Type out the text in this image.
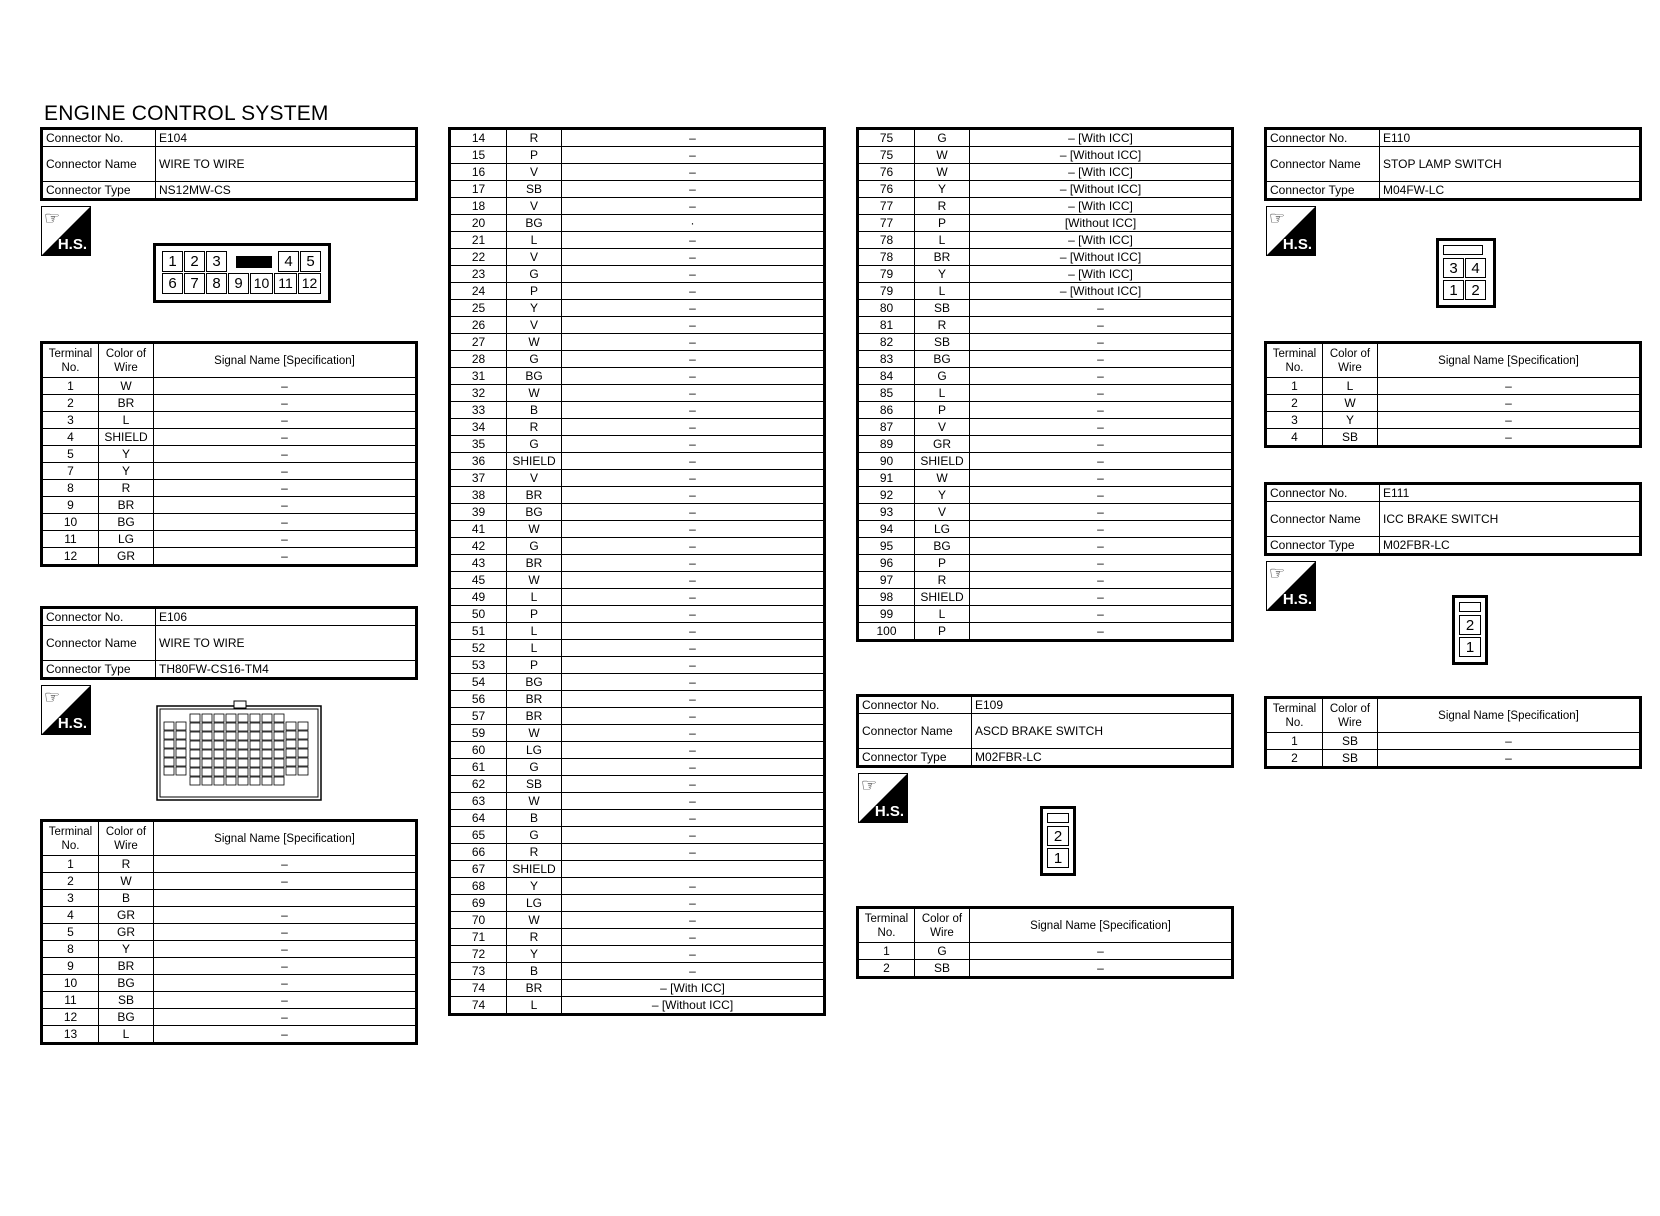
ENGINE CONTROL SYSTEM
Connector No.	E104
Connector Name	WIRE TO WIRE
Connector Type	NS12MW-CS
☞
H.S.
1 2 3	4 5
6 7 8 9 10 11 12
Terminal No.	Color of Wire	Signal Name [Specification]
1	W	–
2	BR	–
3	L	–
4	SHIELD	–
5	Y	–
7	Y	–
8	R	–
9	BR	–
10	BG	–
11	LG	–
12	GR	–
Connector No.	E106
Connector Name	WIRE TO WIRE
Connector Type	TH80FW-CS16-TM4
☞
H.S.
Terminal No.	Color of Wire	Signal Name [Specification]
1	R	–
2	W	–
3	B	
4	GR	–
5	GR	–
8	Y	–
9	BR	–
10	BG	–
11	SB	–
12	BG	–
13	L	–
14	R	–
15	P	–
16	V	–
17	SB	–
18	V	–
20	BG	·
21	L	–
22	V	–
23	G	–
24	P	–
25	Y	–
26	V	–
27	W	–
28	G	–
31	BG	–
32	W	–
33	B	–
34	R	–
35	G	–
36	SHIELD	–
37	V	–
38	BR	–
39	BG	–
41	W	–
42	G	–
43	BR	–
45	W	–
49	L	–
50	P	–
51	L	–
52	L	–
53	P	–
54	BG	–
56	BR	–
57	BR	–
59	W	–
60	LG	–
61	G	–
62	SB	–
63	W	–
64	B	–
65	G	–
66	R	–
67	SHIELD	
68	Y	–
69	LG	–
70	W	–
71	R	–
72	Y	–
73	B	–
74	BR	– [With ICC]
74	L	– [Without ICC]
75	G	– [With ICC]
75	W	– [Without ICC]
76	W	– [With ICC]
76	Y	– [Without ICC]
77	R	– [With ICC]
77	P	[Without ICC]
78	L	– [With ICC]
78	BR	– [Without ICC]
79	Y	– [With ICC]
79	L	– [Without ICC]
80	SB	–
81	R	–
82	SB	–
83	BG	–
84	G	–
85	L	–
86	P	–
87	V	–
89	GR	–
90	SHIELD	–
91	W	–
92	Y	–
93	V	–
94	LG	–
95	BG	–
96	P	–
97	R	–
98	SHIELD	–
99	L	–
100	P	–
Connector No.	E109
Connector Name	ASCD BRAKE SWITCH
Connector Type	M02FBR-LC
☞
H.S.
2
1
Terminal No.	Color of Wire	Signal Name [Specification]
1	G	–
2	SB	–
Connector No.	E110
Connector Name	STOP LAMP SWITCH
Connector Type	M04FW-LC
☞
H.S.
3 4
1 2
Terminal No.	Color of Wire	Signal Name [Specification]
1	L	–
2	W	–
3	Y	–
4	SB	–
Connector No.	E111
Connector Name	ICC BRAKE SWITCH
Connector Type	M02FBR-LC
☞
H.S.
2
1
Terminal No.	Color of Wire	Signal Name [Specification]
1	SB	–
2	SB	–
